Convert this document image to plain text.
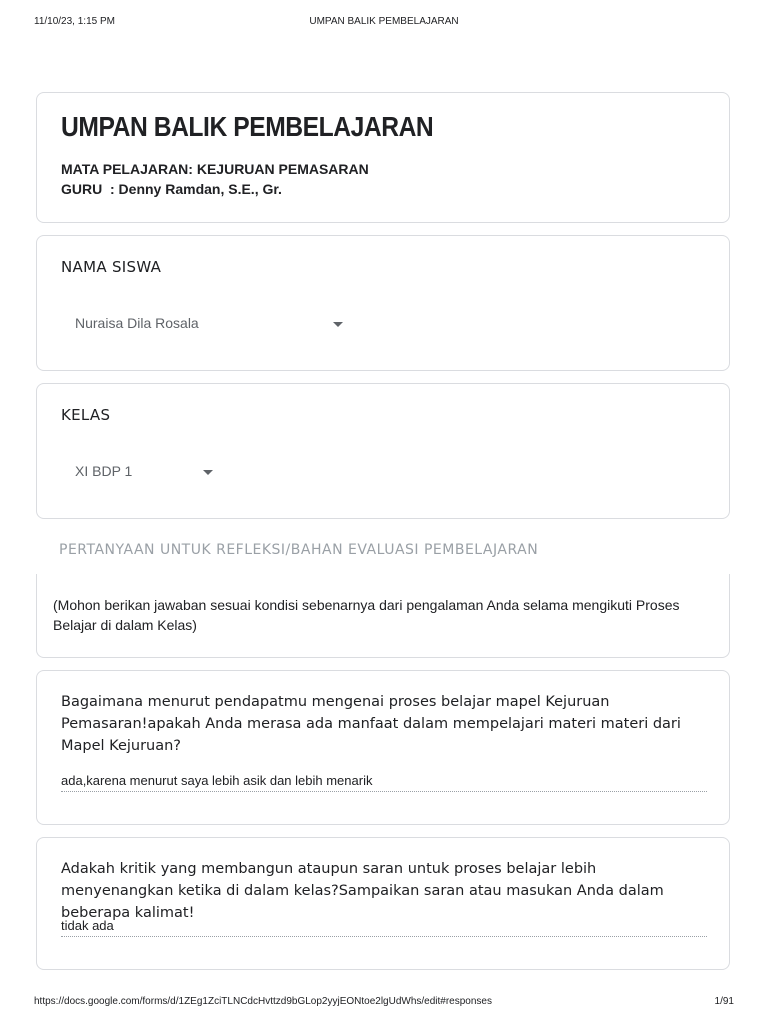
11/10/23, 1:15 PM	UMPAN BALIK PEMBELAJARAN
UMPAN BALIK PEMBELAJARAN
MATA PELAJARAN: KEJURUAN PEMASARAN
GURU  : Denny Ramdan, S.E., Gr.
NAMA SISWA
Nuraisa Dila Rosala
KELAS
XI BDP 1
PERTANYAAN UNTUK REFLEKSI/BAHAN EVALUASI PEMBELAJARAN
(Mohon berikan jawaban sesuai kondisi sebenarnya dari pengalaman Anda selama mengikuti Proses Belajar di dalam Kelas)
Bagaimana menurut pendapatmu mengenai proses belajar mapel Kejuruan Pemasaran!apakah Anda merasa ada manfaat dalam mempelajari materi materi dari Mapel Kejuruan?
ada,karena menurut saya lebih asik dan lebih menarik
Adakah kritik yang membangun ataupun saran untuk proses belajar lebih menyenangkan ketika di dalam kelas?Sampaikan saran atau masukan Anda dalam beberapa kalimat!
tidak ada
https://docs.google.com/forms/d/1ZEg1ZciTLNCdcHvttzd9bGLop2yyjEONtoe2lgUdWhs/edit#responses	1/91
